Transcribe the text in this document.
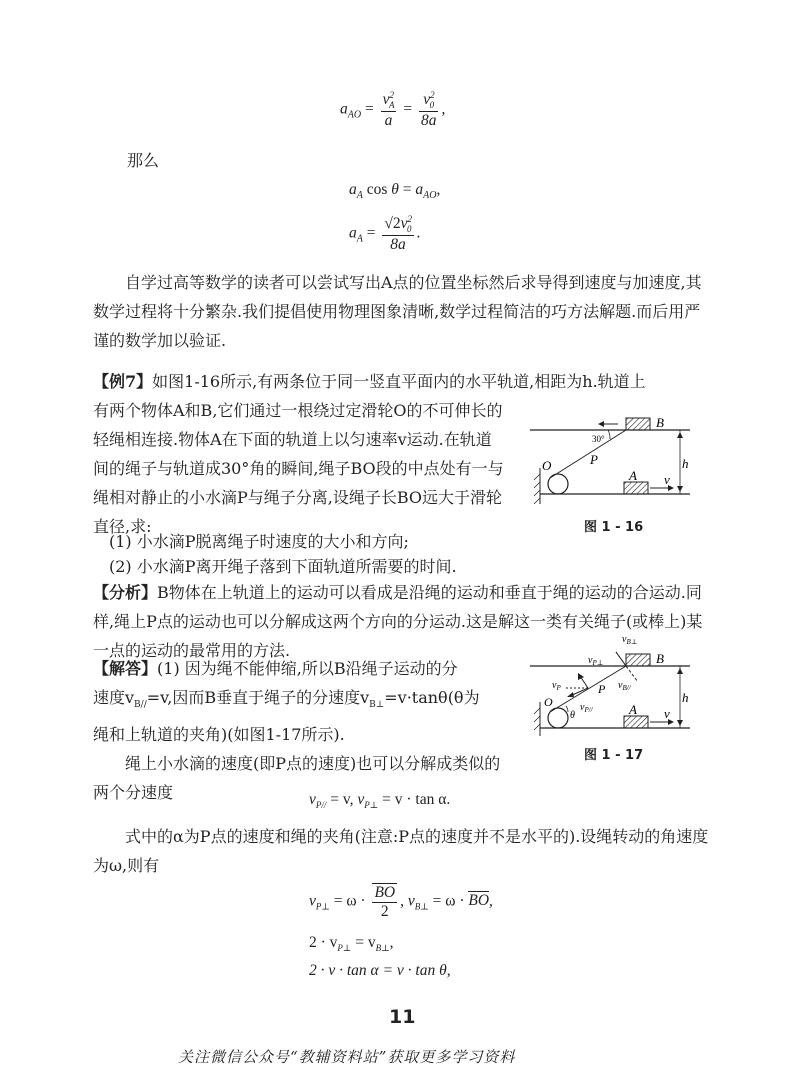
$a_{AO} = \frac{v^2_A}{a} = \frac{v^2_0}{8a}$ ,
那么
$a_A$ $\cos \theta = a_{AO}$,
$a_A = \frac{√2v^2_0}{8a}$ .

自学过高等数学的读者可以尝试写出A点的位置坐标然后求导得到速度与加速度,其数学过程将十分繁杂.我们提倡使用物理图象清晰,数学过程简洁的巧方法解题.而后用严谨的数学加以验证.

【例7】如图1-16所示,有两条位于同一竖直平面内的水平轨道,相距为h.轨道上

有两个物体A和B,它们通过一根绕过定滑轮O的不可伸长的轻绳相连接.物体A在下面的轨道上以匀速率v运动.在轨道间的绳子与轨道成30°角的瞬间,绳子BO段的中点处有一与绳相对静止的小水滴P与绳子分离,设绳子长BO远大于滑轮直径,求:

(1) 小水滴P脱离绳子时速度的大小和方向;

(2) 小水滴P离开绳子落到下面轨道所需要的时间.

【分析】B物体在上轨道上的运动可以看成是沿绳的运动和垂直于绳的运动的合运动.同样,绳上P点的运动也可以分解成这两个方向的分运动.这是解这一类有关绳子(或棒上)某一点的运动的最常用的方法.

【解答】(1) 因为绳不能伸缩,所以B沿绳子运动的分

速度$v_{B//}=v$,因而B垂直于绳子的分速度$v_{B\perp}=v\cdot\tan\theta(\theta$为

绳和上轨道的夹角)(如图1-17所示).

绳上小水滴的速度(即P点的速度)也可以分解成类似的

两个分速度	$v_{P//} = v$, $v_{P\perp} = v \cdot \tan \alpha$.

式中的α为P点的速度和绳的夹角(注意:P点的速度并不是水平的).设绳转动的角速度为ω,则有

$v_{P\perp} = \omega \cdot \frac{BO}{2}$ , $v_{B\perp} = \omega$ · BO,
$2 \cdot v_{P\perp} = v_{B\perp}$,
2 · v · tan α = v · tan θ,
B
30°
P
O
A v
h
图 1 - 16
$v_{B\perp}$
B
$v_{P\perp}$
$v_{B//}$
$v_P$	P
$v_{P//}$
O
θ	A v
h
图 1 - 17
11
关注微信公众号“教辅资料站”获取更多学习资料
